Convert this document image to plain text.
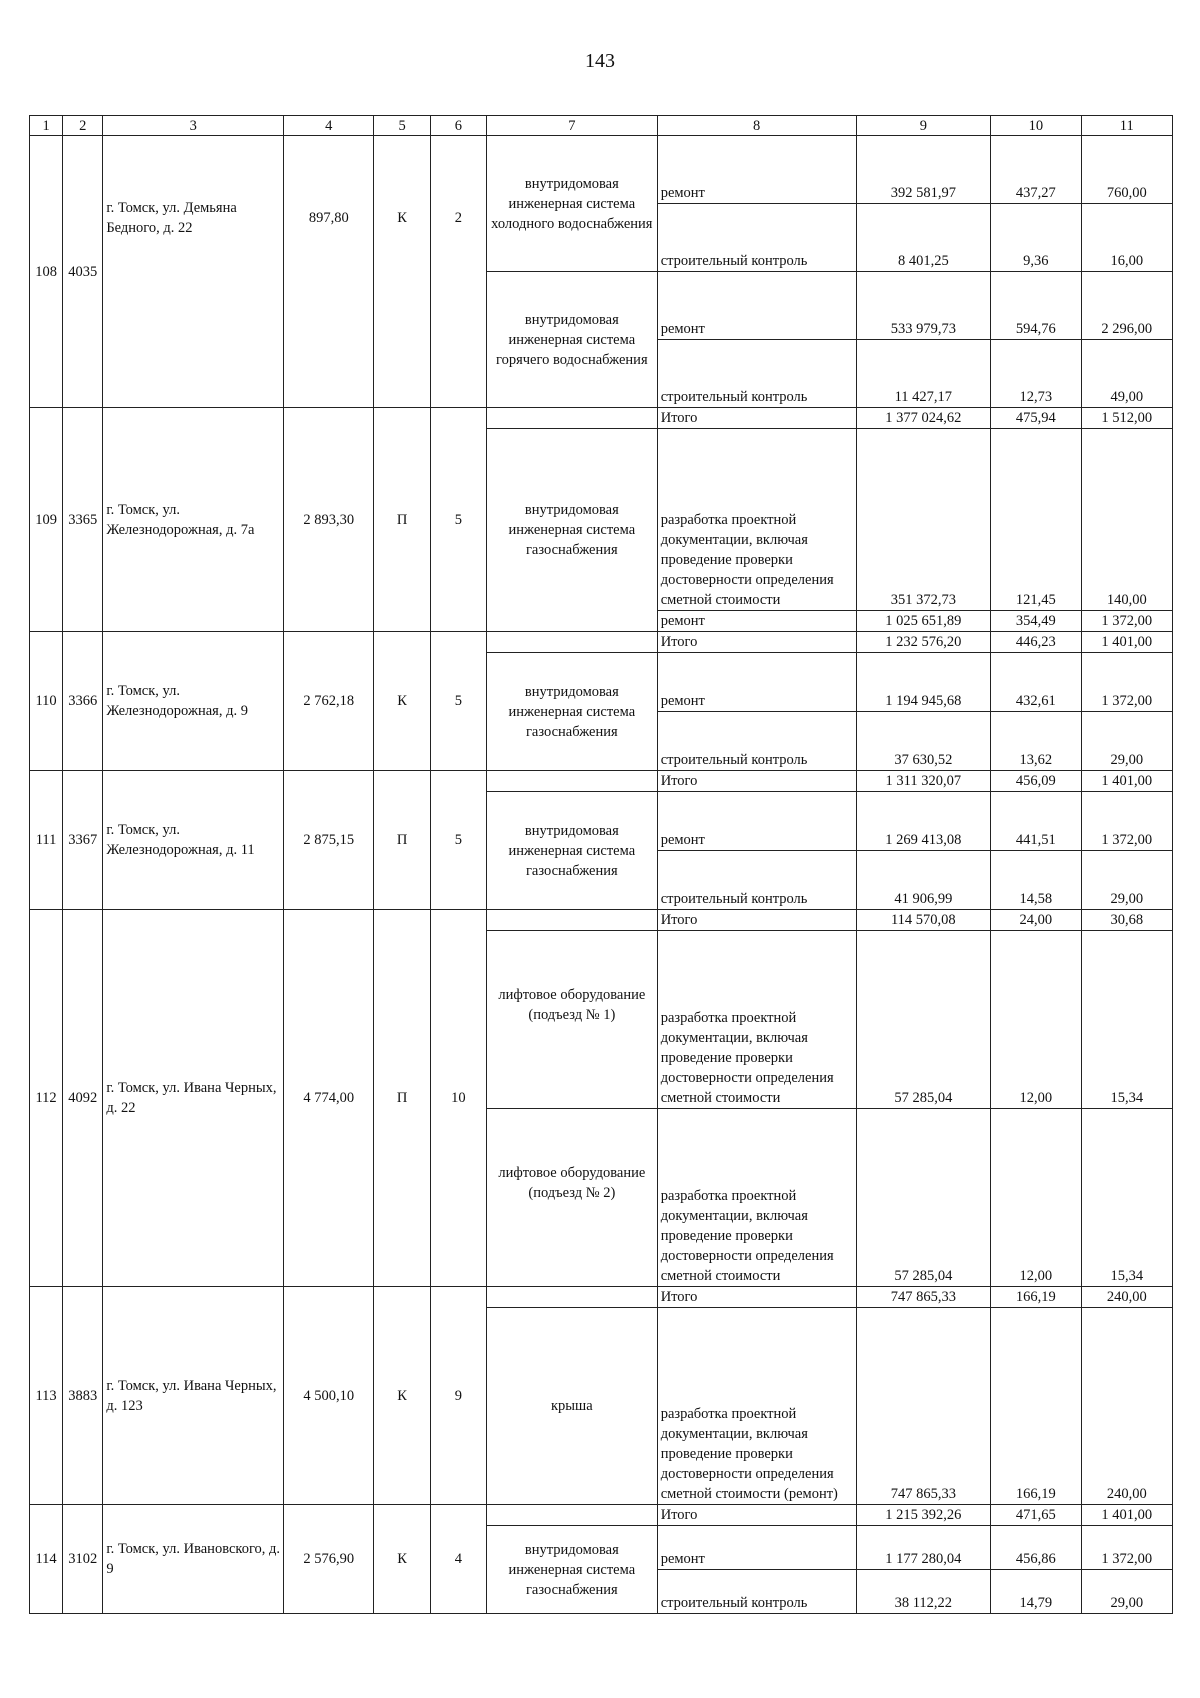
143
1	2	3	4	5	6	7	8	9	10	11
108	4035	г. Томск, ул. Демьяна Бедного, д. 22	897,80	К	2	внутридомовая инженерная система холодного водоснабжения	ремонт	392 581,97	437,27	760,00
							строительный контроль	8 401,25	9,36	16,00
						внутридомовая инженерная система горячего водоснабжения	ремонт	533 979,73	594,76	2 296,00
							строительный контроль	11 427,17	12,73	49,00
109	3365	г. Томск, ул. Железнодорожная, д. 7а	2 893,30	П	5		Итого	1 377 024,62	475,94	1 512,00
						внутридомовая инженерная система газоснабжения	разработка проектной документации, включая проведение проверки достоверности определения сметной стоимости	351 372,73	121,45	140,00
							ремонт	1 025 651,89	354,49	1 372,00

110	3366	г. Томск, ул. Железнодорожная, д. 9	2 762,18	К	5		Итого	1 232 576,20	446,23	1 401,00
						внутридомовая инженерная система газоснабжения	ремонт	1 194 945,68	432,61	1 372,00
							строительный контроль	37 630,52	13,62	29,00
111	3367	г. Томск, ул. Железнодорожная, д. 11	2 875,15	П	5		Итого	1 311 320,07	456,09	1 401,00
						внутридомовая инженерная система газоснабжения	ремонт	1 269 413,08	441,51	1 372,00
							строительный контроль	41 906,99	14,58	29,00
112	4092	г. Томск, ул. Ивана Черных, д. 22	4 774,00	П	10		Итого	114 570,08	24,00	30,68
						лифтовое оборудование (подъезд № 1)	разработка проектной документации, включая проведение проверки достоверности определения сметной стоимости	57 285,04	12,00	15,34
						лифтовое оборудование (подъезд № 2)	разработка проектной документации, включая проведение проверки достоверности определения сметной стоимости	57 285,04	12,00	15,34
113	3883	г. Томск, ул. Ивана Черных, д. 123	4 500,10	К	9		Итого	747 865,33	166,19	240,00
						крыша	разработка проектной документации, включая проведение проверки достоверности определения сметной стоимости (ремонт)	747 865,33	166,19	240,00
114	3102	г. Томск, ул. Ивановского, д. 9	2 576,90	К	4		Итого	1 215 392,26	471,65	1 401,00
						внутридомовая инженерная система газоснабжения	ремонт	1 177 280,04	456,86	1 372,00
							строительный контроль	38 112,22	14,79	29,00
